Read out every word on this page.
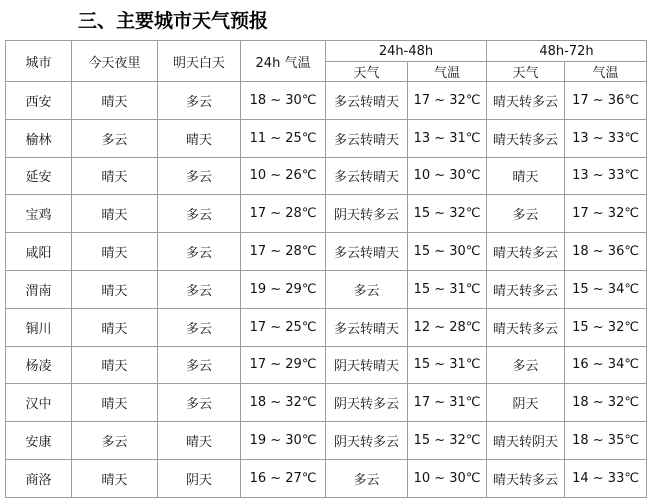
三、主要城市天气预报
城市	今天夜里	明天白天	24h 气温	24h-48h		48h-72h	
				天气	气温	天气	气温
西安	晴天	多云	18 ~ 30℃	多云转晴天	17 ~ 32℃	晴天转多云	17 ~ 36℃
榆林	多云	晴天	11 ~ 25℃	多云转晴天	13 ~ 31℃	晴天转多云	13 ~ 33℃
延安	晴天	多云	10 ~ 26℃	多云转晴天	10 ~ 30℃	晴天	13 ~ 33℃
宝鸡	晴天	多云	17 ~ 28℃	阴天转多云	15 ~ 32℃	多云	17 ~ 32℃
咸阳	晴天	多云	17 ~ 28℃	多云转晴天	15 ~ 30℃	晴天转多云	18 ~ 36℃
渭南	晴天	多云	19 ~ 29℃	多云	15 ~ 31℃	晴天转多云	15 ~ 34℃
铜川	晴天	多云	17 ~ 25℃	多云转晴天	12 ~ 28℃	晴天转多云	15 ~ 32℃
杨凌	晴天	多云	17 ~ 29℃	阴天转晴天	15 ~ 31℃	多云	16 ~ 34℃
汉中	晴天	多云	18 ~ 32℃	阴天转多云	17 ~ 31℃	阴天	18 ~ 32℃
安康	多云	晴天	19 ~ 30℃	阴天转多云	15 ~ 32℃	晴天转阴天	18 ~ 35℃
商洛	晴天	阴天	16 ~ 27℃	多云	10 ~ 30℃	晴天转多云	14 ~ 33℃
